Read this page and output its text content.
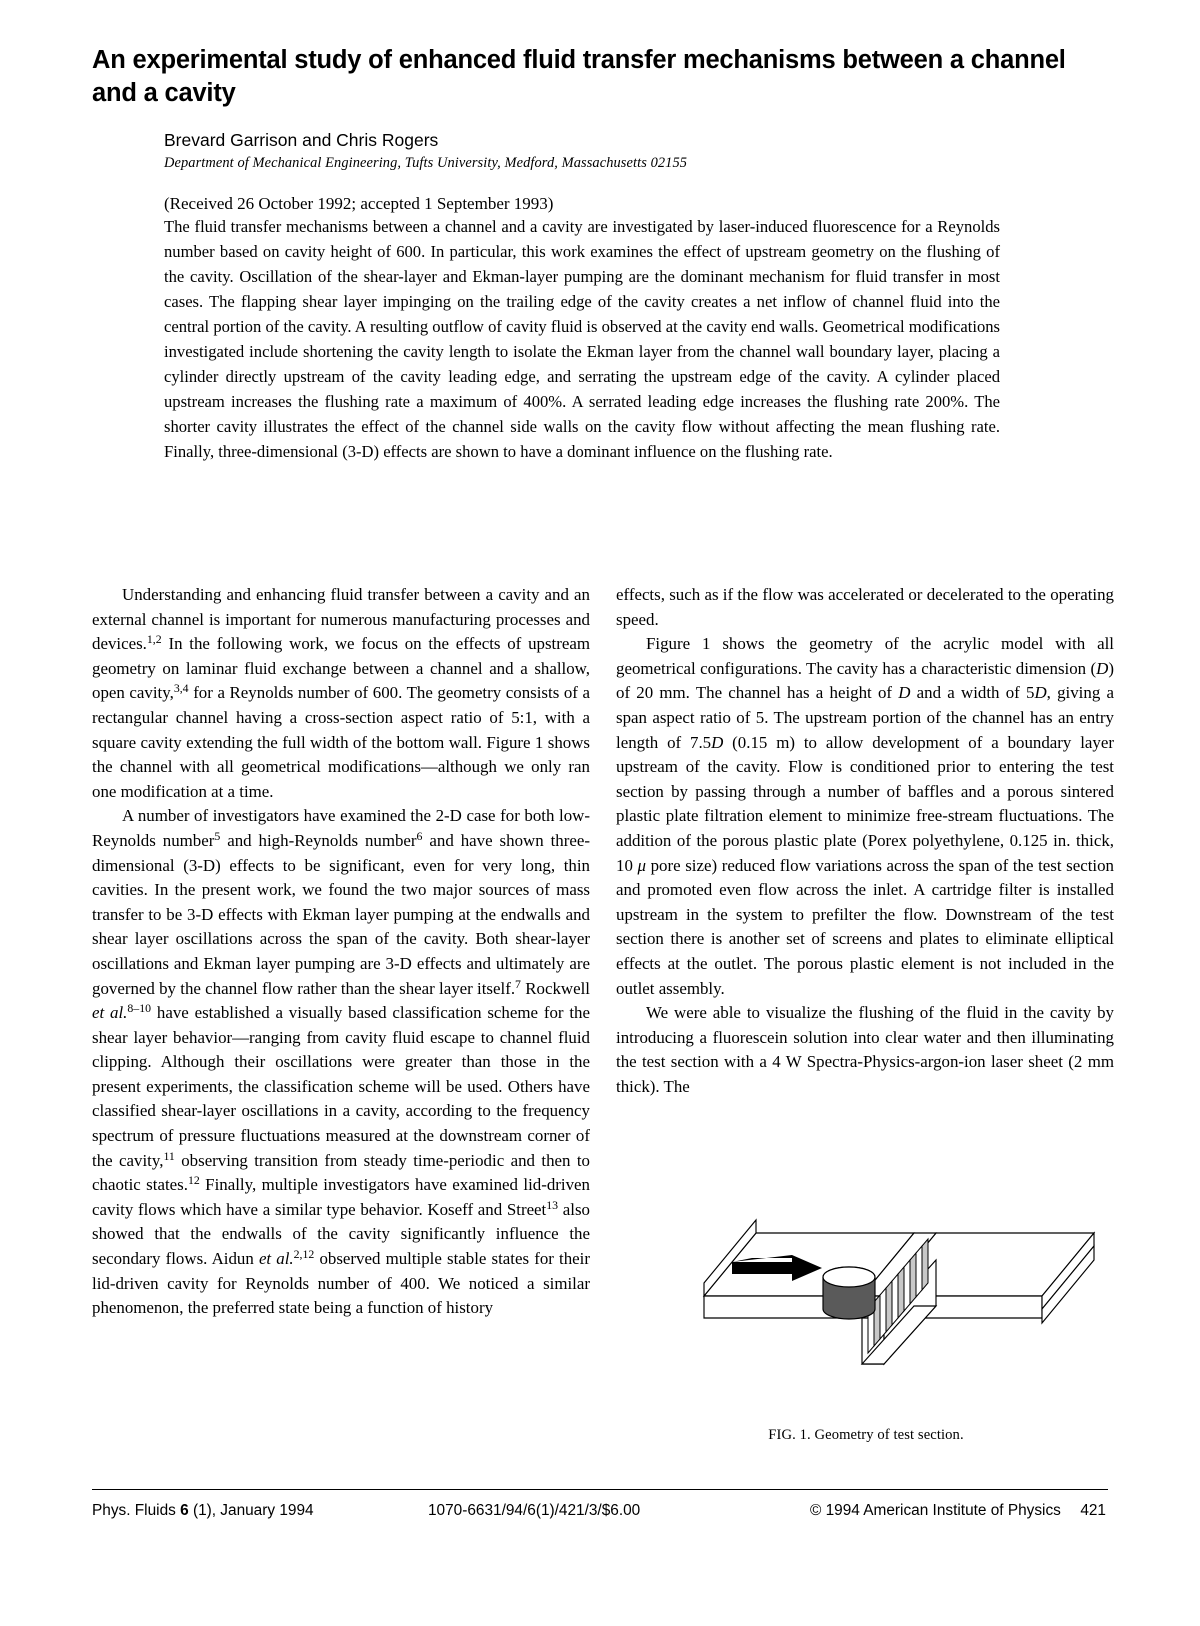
An experimental study of enhanced fluid transfer mechanisms between a channel and a cavity

Brevard Garrison and Chris Rogers

Department of Mechanical Engineering, Tufts University, Medford, Massachusetts 02155

(Received 26 October 1992; accepted 1 September 1993)

The fluid transfer mechanisms between a channel and a cavity are investigated by laser-induced fluorescence for a Reynolds number based on cavity height of 600. In particular, this work examines the effect of upstream geometry on the flushing of the cavity. Oscillation of the shear-layer and Ekman-layer pumping are the dominant mechanism for fluid transfer in most cases. The flapping shear layer impinging on the trailing edge of the cavity creates a net inflow of channel fluid into the central portion of the cavity. A resulting outflow of cavity fluid is observed at the cavity end walls. Geometrical modifications investigated include shortening the cavity length to isolate the Ekman layer from the channel wall boundary layer, placing a cylinder directly upstream of the cavity leading edge, and serrating the upstream edge of the cavity. A cylinder placed upstream increases the flushing rate a maximum of 400%. A serrated leading edge increases the flushing rate 200%. The shorter cavity illustrates the effect of the channel side walls on the cavity flow without affecting the mean flushing rate. Finally, three-dimensional (3-D) effects are shown to have a dominant influence on the flushing rate.

Understanding and enhancing fluid transfer between a cavity and an external channel is important for numerous manufacturing processes and devices.$^{1,2}$ In the following work, we focus on the effects of upstream geometry on laminar fluid exchange between a channel and a shallow, open cavity,$^{3,4}$ for a Reynolds number of 600. The geometry consists of a rectangular channel having a cross-section aspect ratio of 5:1, with a square cavity extending the full width of the bottom wall. Figure 1 shows the channel with all geometrical modifications—although we only ran one modification at a time.

A number of investigators have examined the 2-D case for both low-Reynolds number$^5$ and high-Reynolds number$^6$ and have shown three-dimensional (3-D) effects to be significant, even for very long, thin cavities. In the present work, we found the two major sources of mass transfer to be 3-D effects with Ekman layer pumping at the endwalls and shear layer oscillations across the span of the cavity. Both shear-layer oscillations and Ekman layer pumping are 3-D effects and ultimately are governed by the channel flow rather than the shear layer itself.$^7$ Rockwell et al.$^{8-10}$ have established a visually based classification scheme for the shear layer behavior—ranging from cavity fluid escape to channel fluid clipping. Although their oscillations were greater than those in the present experiments, the classification scheme will be used. Others have classified shear-layer oscillations in a cavity, according to the frequency spectrum of pressure fluctuations measured at the downstream corner of the cavity,$^{11}$ observing transition from steady time-periodic and then to chaotic states.$^{12}$ Finally, multiple investigators have examined lid-driven cavity flows which have a similar type behavior. Koseff and Street$^{13}$ also showed that the endwalls of the cavity significantly influence the secondary flows. Aidun et al.$^{2,12}$ observed multiple stable states for their lid-driven cavity for Reynolds number of 400. We noticed a similar phenomenon, the preferred state being a function of history

effects, such as if the flow was accelerated or decelerated to the operating speed.

Figure 1 shows the geometry of the acrylic model with all geometrical configurations. The cavity has a characteristic dimension (D) of 20 mm. The channel has a height of D and a width of 5D, giving a span aspect ratio of 5. The upstream portion of the channel has an entry length of 7.5D (0.15 m) to allow development of a boundary layer upstream of the cavity. Flow is conditioned prior to entering the test section by passing through a number of baffles and a porous sintered plastic plate filtration element to minimize free-stream fluctuations. The addition of the porous plastic plate (Porex polyethylene, 0.125 in. thick, 10 μ pore size) reduced flow variations across the span of the test section and promoted even flow across the inlet. A cartridge filter is installed upstream in the system to prefilter the flow. Downstream of the test section there is another set of screens and plates to eliminate elliptical effects at the outlet. The porous plastic element is not included in the outlet assembly.

We were able to visualize the flushing of the fluid in the cavity by introducing a fluorescein solution into clear water and then illuminating the test section with a 4 W Spectra-Physics-argon-ion laser sheet (2 mm thick). The

FIG. 1. Geometry of test section.
Phys. Fluids 6 (1), January 1994	1070-6631/94/6(1)/421/3/$6.00	© 1994 American Institute of Physics 421
